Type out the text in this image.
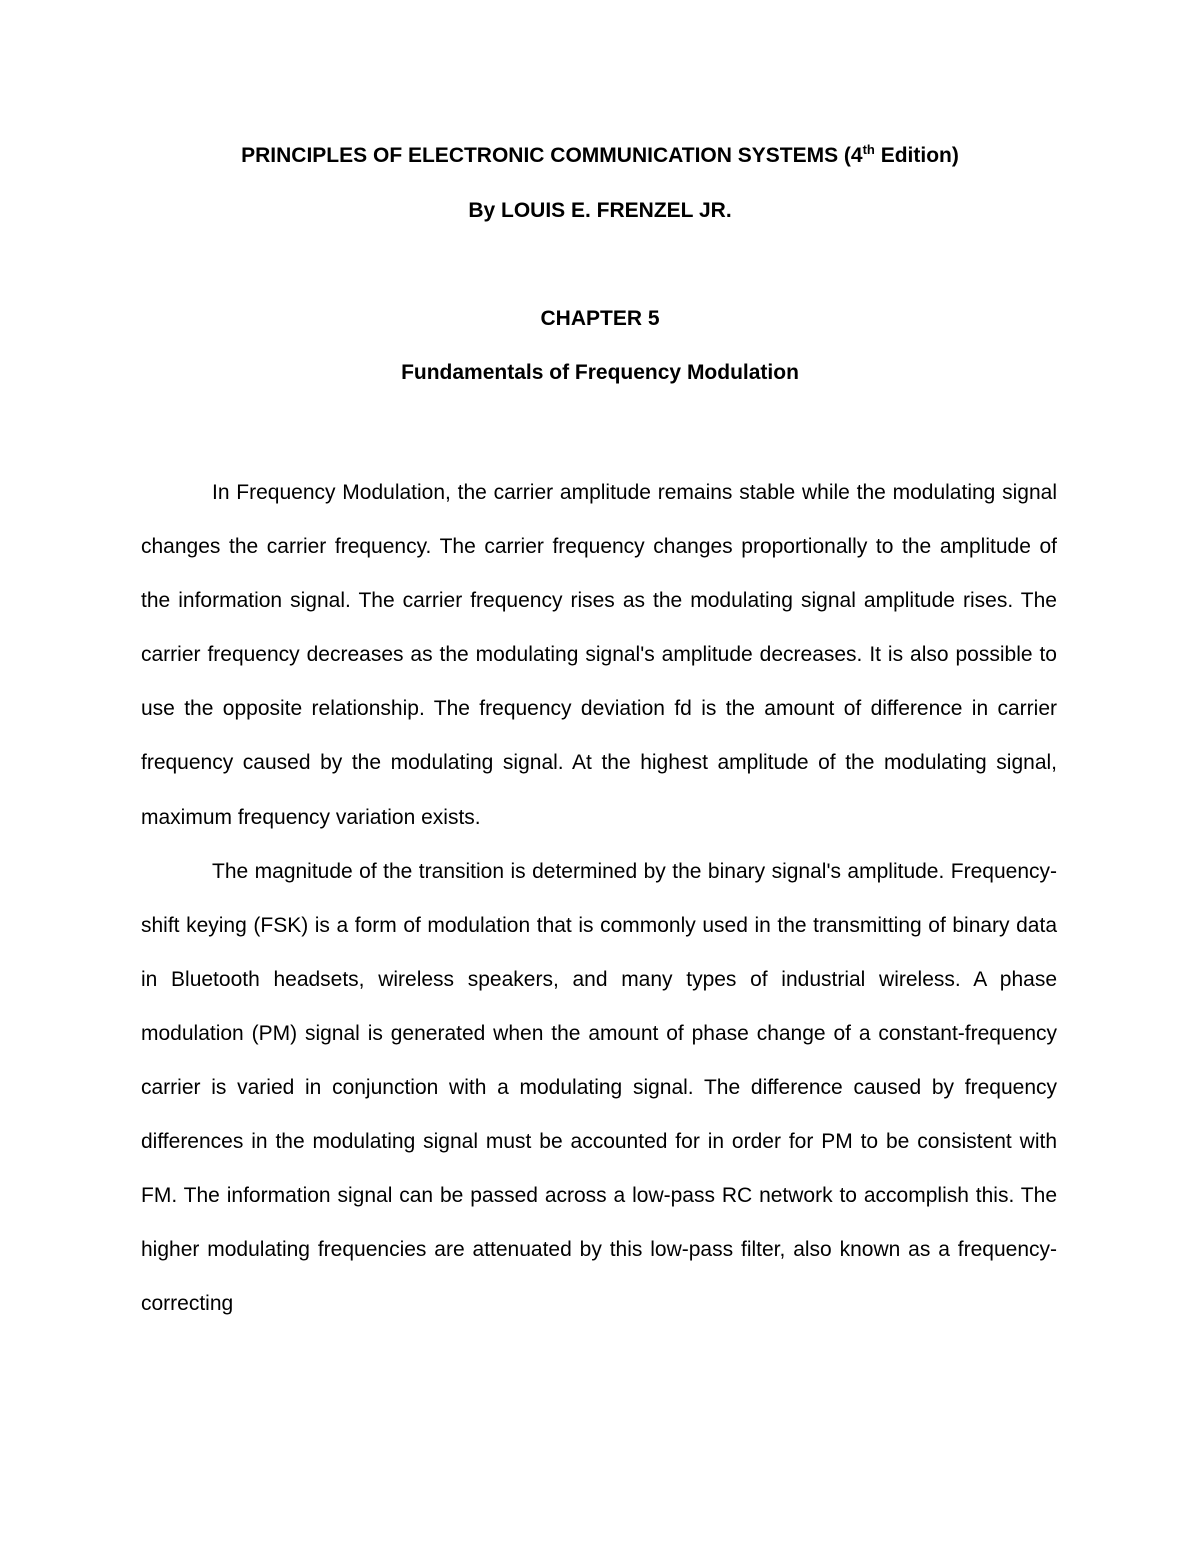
PRINCIPLES OF ELECTRONIC COMMUNICATION SYSTEMS (4th Edition)
By LOUIS E. FRENZEL JR.
CHAPTER 5
Fundamentals of Frequency Modulation

In Frequency Modulation, the carrier amplitude remains stable while the modulating signal changes the carrier frequency. The carrier frequency changes proportionally to the amplitude of the information signal. The carrier frequency rises as the modulating signal amplitude rises. The carrier frequency decreases as the modulating signal's amplitude decreases. It is also possible to use the opposite relationship. The frequency deviation fd is the amount of difference in carrier frequency caused by the modulating signal. At the highest amplitude of the modulating signal, maximum frequency variation exists.

The magnitude of the transition is determined by the binary signal's amplitude. Frequency-shift keying (FSK) is a form of modulation that is commonly used in the transmitting of binary data in Bluetooth headsets, wireless speakers, and many types of industrial wireless. A phase modulation (PM) signal is generated when the amount of phase change of a constant-frequency carrier is varied in conjunction with a modulating signal. The difference caused by frequency differences in the modulating signal must be accounted for in order for PM to be consistent with FM. The information signal can be passed across a low-pass RC network to accomplish this. The higher modulating frequencies are attenuated by this low-pass filter, also known as a frequency-correcting
